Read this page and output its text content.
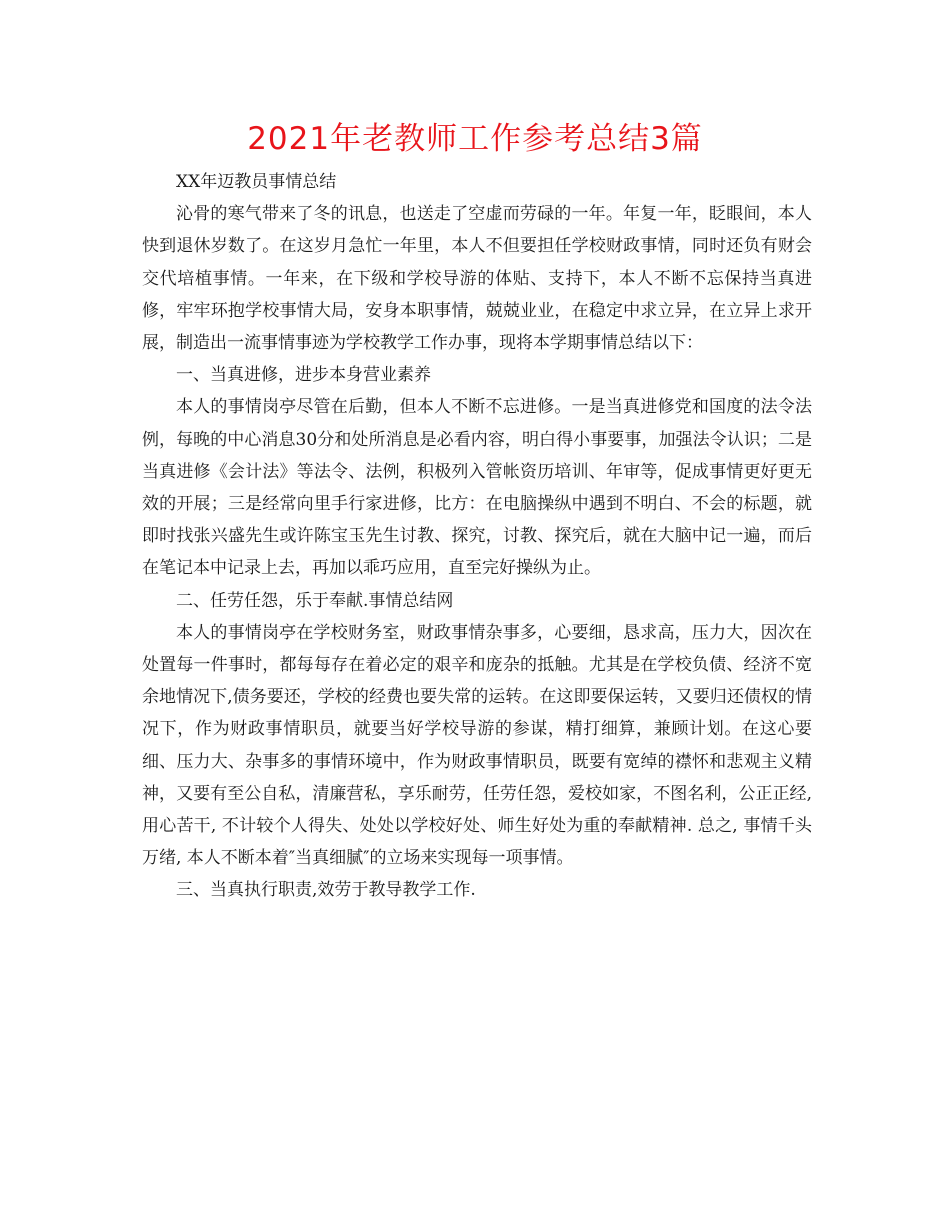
2021年老教师工作参考总结3篇

XX年迈教员事情总结

沁骨的寒气带来了冬的讯息，也送走了空虚而劳碌的一年。年复一年，眨眼间，本人快到退休岁数了。在这岁月急忙一年里，本人不但要担任学校财政事情，同时还负有财会交代培植事情。一年来，在下级和学校导游的体贴、支持下，本人不断不忘保持当真进修，牢牢环抱学校事情大局，安身本职事情，兢兢业业，在稳定中求立异，在立异上求开展，制造出一流事情事迹为学校教学工作办事，现将本学期事情总结以下：

一、当真进修，进步本身营业素养

本人的事情岗亭尽管在后勤，但本人不断不忘进修。一是当真进修党和国度的法令法例，每晚的中心消息30分和处所消息是必看内容，明白得小事要事，加强法令认识；二是当真进修《会计法》等法令、法例，积极列入管帐资历培训、年审等，促成事情更好更无效的开展；三是经常向里手行家进修，比方：在电脑操纵中遇到不明白、不会的标题，就即时找张兴盛先生或许陈宝玉先生讨教、探究，讨教、探究后，就在大脑中记一遍，而后在笔记本中记录上去，再加以乖巧应用，直至完好操纵为止。

二、任劳任怨，乐于奉献.事情总结网

本人的事情岗亭在学校财务室，财政事情杂事多，心要细，恳求高，压力大，因次在处置每一件事时，都每每存在着必定的艰辛和庞杂的抵触。尤其是在学校负债、经济不宽余地情况下,债务要还，学校的经费也要失常的运转。在这即要保运转，又要归还债权的情况下，作为财政事情职员，就要当好学校导游的参谋，精打细算，兼顾计划。在这心要细、压力大、杂事多的事情环境中，作为财政事情职员，既要有宽绰的襟怀和悲观主义精神，又要有至公自私，清廉营私，享乐耐劳，任劳任怨，爱校如家，不图名利，公正正经, 用心苦干, 不计较个人得失、处处以学校好处、师生好处为重的奉献精神. 总之, 事情千头万绪, 本人不断本着″当真细腻″的立场来实现每一项事情。

三、当真执行职责,效劳于教导教学工作.
